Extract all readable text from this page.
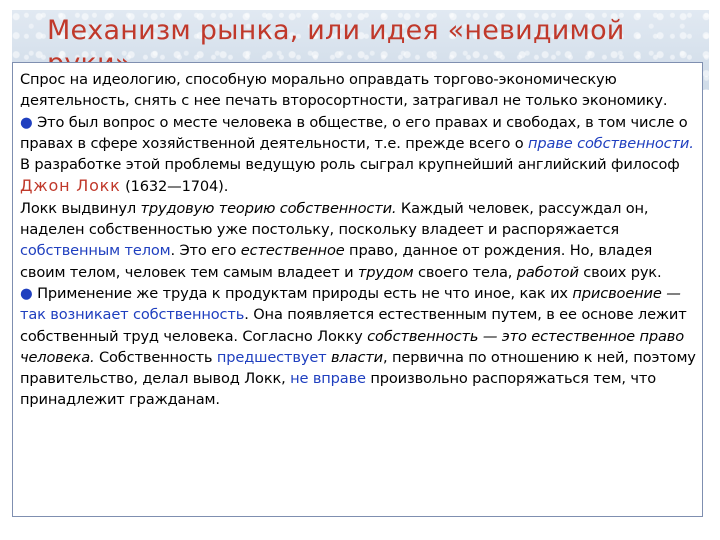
Механизм рынка, или идея «невидимой

Спрос на идеологию, способную морально оправдать торгово-экономическую деятельность, снять с нее печать второсортности, затрагивал не только экономику.
● Это был вопрос о месте человека в обществе, о его правах и свободах, в том числе о правах в сфере хозяйственной деятельности, т.е. прежде всего о праве собственности. В разработке этой проблемы ведущую роль сыграл крупнейший английский философ Джон Локк (1632—1704).
Локк выдвинул трудовую теорию собственности. Каждый человек, рассуждал он, наделен собственностью уже постольку, поскольку владеет и распоряжается собственным телом. Это его естественное право, данное от рождения. Но, владея своим телом, человек тем самым владеет и трудом своего тела, работой своих рук.
● Применение же труда к продуктам природы есть не что иное, как их присвоение — так возникает собственность. Она появляется естественным путем, в ее основе лежит собственный труд человека. Согласно Локку собственность — это естественное право человека. Собственность предшествует власти, первична по отношению к ней, поэтому правительство, делал вывод Локк, не вправе произвольно распоряжаться тем, что принадлежит гражданам.
